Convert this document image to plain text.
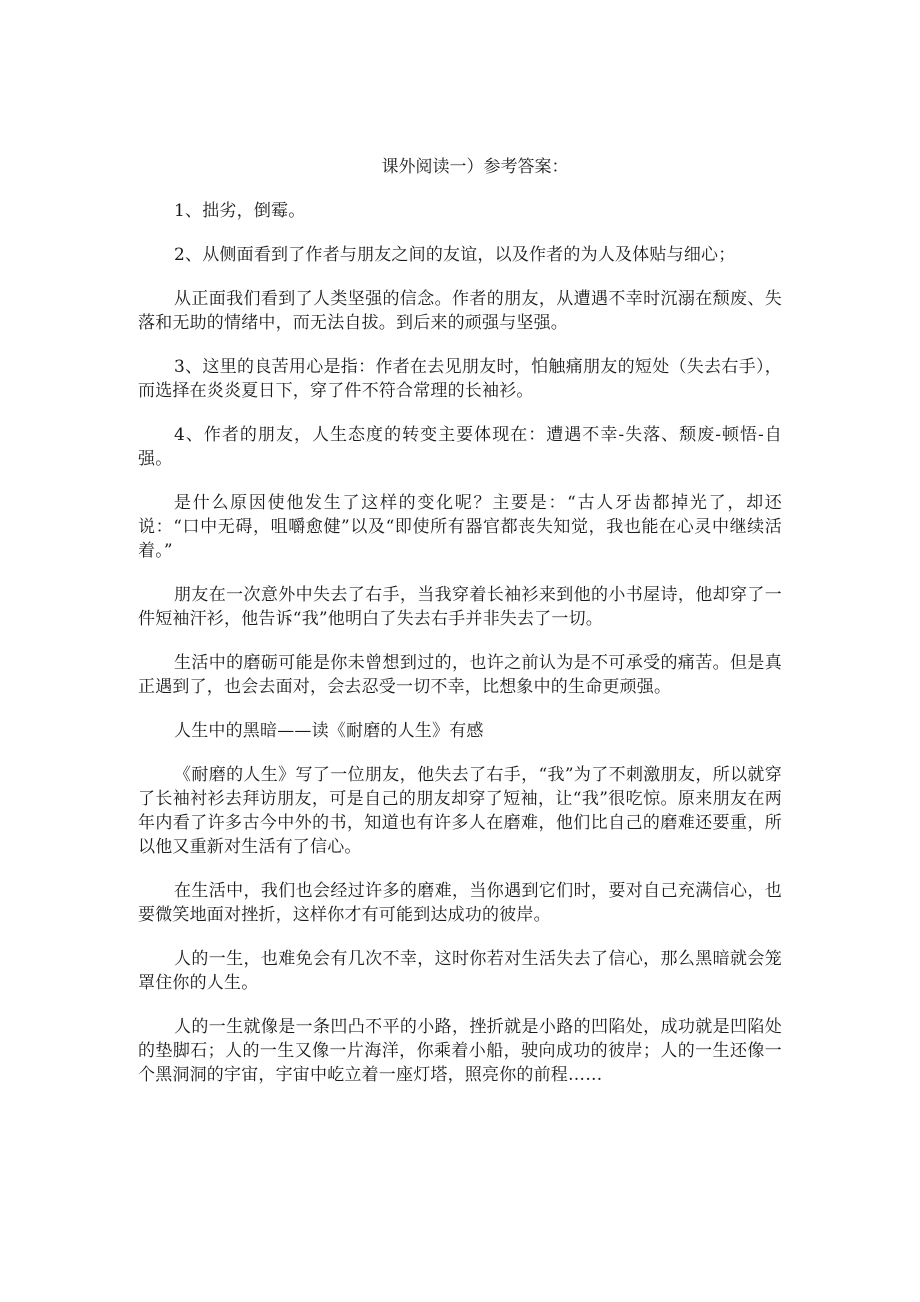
课外阅读一）参考答案：

1、拙劣，倒霉。

2、从侧面看到了作者与朋友之间的友谊，以及作者的为人及体贴与细心；

从正面我们看到了人类坚强的信念。作者的朋友，从遭遇不幸时沉溺在颓废、失落和无助的情绪中，而无法自拔。到后来的顽强与坚强。

3、这里的良苦用心是指：作者在去见朋友时，怕触痛朋友的短处（失去右手），而选择在炎炎夏日下，穿了件不符合常理的长袖衫。

4、作者的朋友，人生态度的转变主要体现在：遭遇不幸-失落、颓废-顿悟-自强。

是什么原因使他发生了这样的变化呢？主要是：“古人牙齿都掉光了，却还说：“口中无碍，咀嚼愈健”以及“即使所有器官都丧失知觉，我也能在心灵中继续活着。”

朋友在一次意外中失去了右手，当我穿着长袖衫来到他的小书屋诗，他却穿了一件短袖汗衫，他告诉“我”他明白了失去右手并非失去了一切。

生活中的磨砺可能是你未曾想到过的，也许之前认为是不可承受的痛苦。但是真正遇到了，也会去面对，会去忍受一切不幸，比想象中的生命更顽强。

人生中的黑暗——读《耐磨的人生》有感

《耐磨的人生》写了一位朋友，他失去了右手，“我”为了不刺激朋友，所以就穿了长袖衬衫去拜访朋友，可是自己的朋友却穿了短袖，让“我”很吃惊。原来朋友在两年内看了许多古今中外的书，知道也有许多人在磨难，他们比自己的磨难还要重，所以他又重新对生活有了信心。

在生活中，我们也会经过许多的磨难，当你遇到它们时，要对自己充满信心，也要微笑地面对挫折，这样你才有可能到达成功的彼岸。

人的一生，也难免会有几次不幸，这时你若对生活失去了信心，那么黑暗就会笼罩住你的人生。

人的一生就像是一条凹凸不平的小路，挫折就是小路的凹陷处，成功就是凹陷处的垫脚石；人的一生又像一片海洋，你乘着小船，驶向成功的彼岸；人的一生还像一个黑洞洞的宇宙，宇宙中屹立着一座灯塔，照亮你的前程……
